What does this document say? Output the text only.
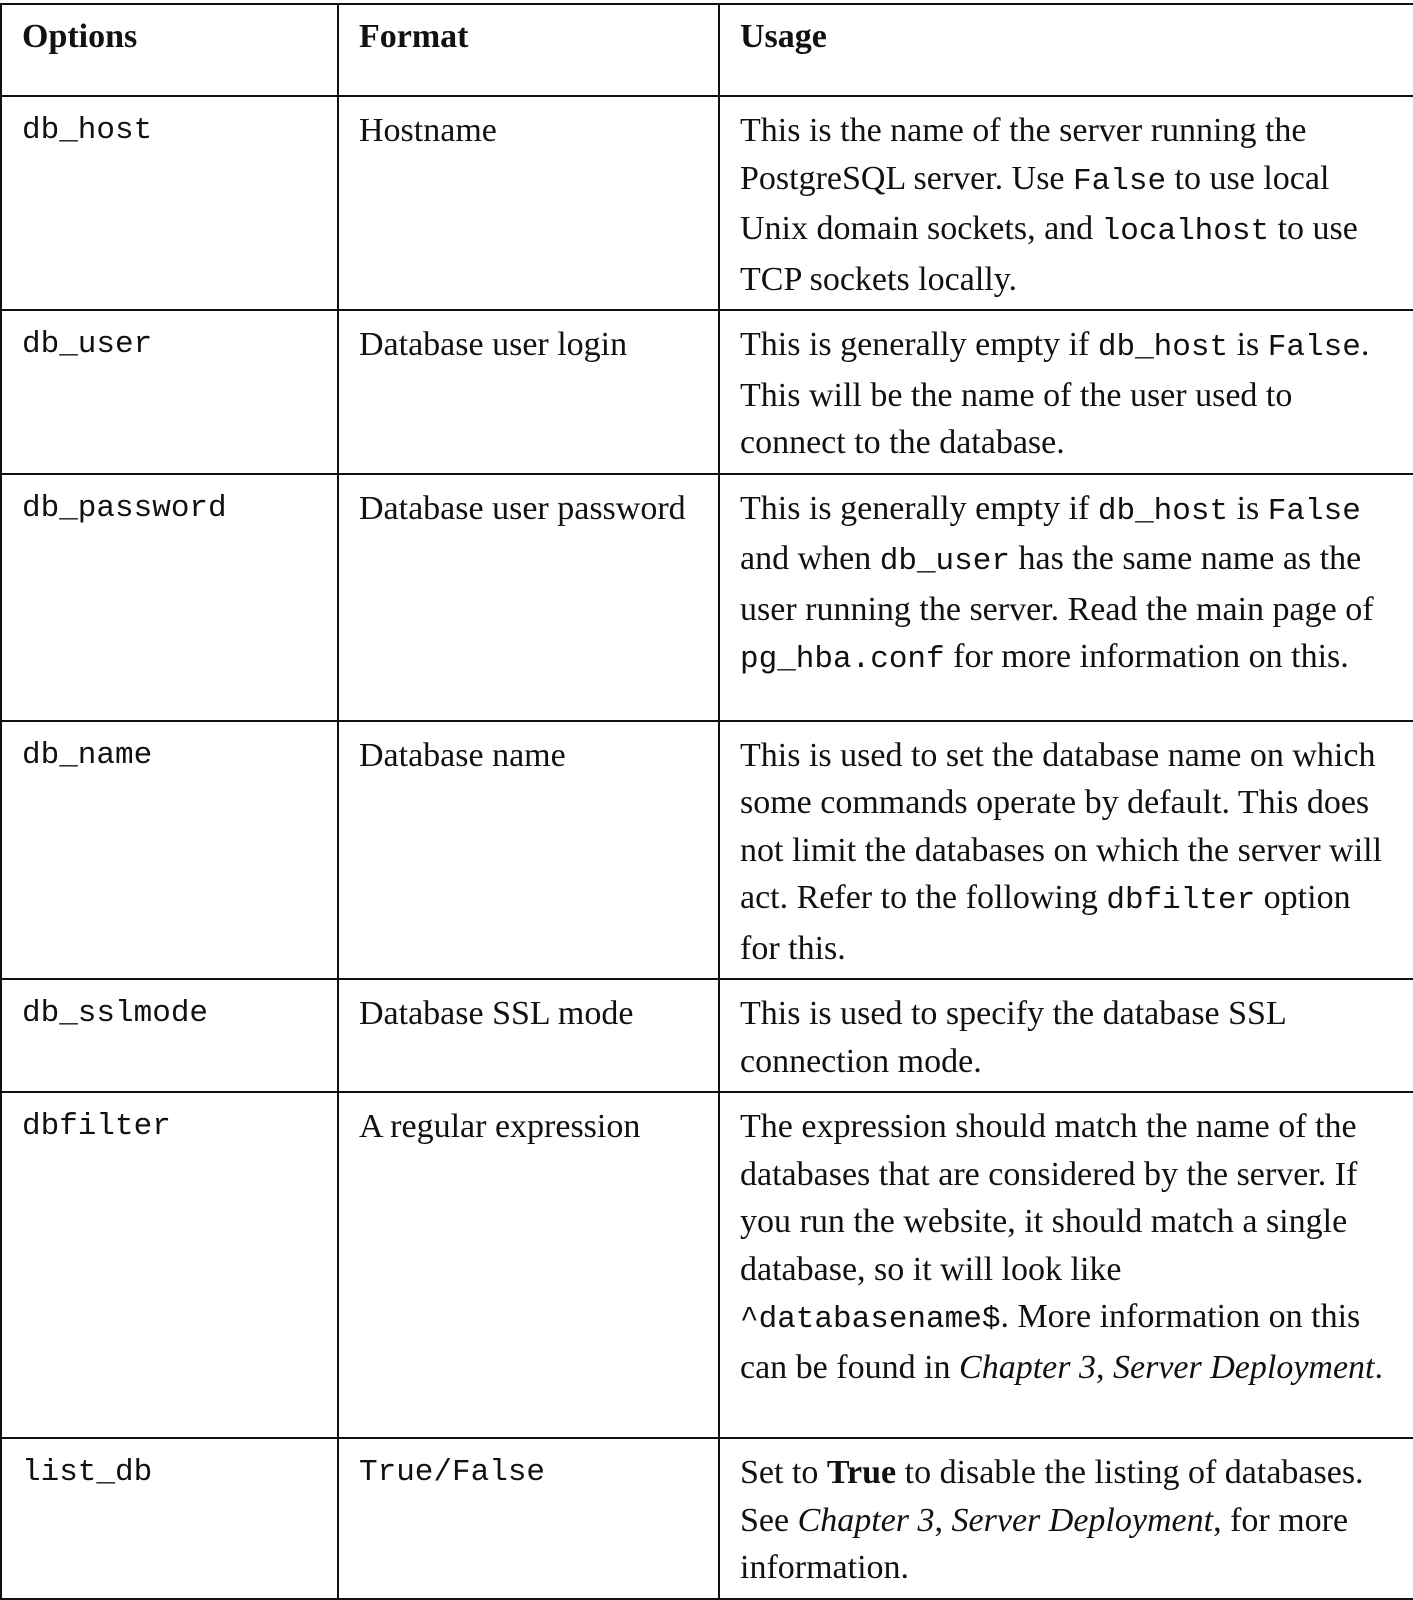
Options	Format	Usage
db_host	Hostname	This is the name of the server running the PostgreSQL server. Use False to use local Unix domain sockets, and localhost to use TCP sockets locally.
db_user	Database user login	This is generally empty if db_host is False. This will be the name of the user used to connect to the database.
db_password	Database user password	This is generally empty if db_host is False and when db_user has the same name as the user running the server. Read the main page of pg_hba.conf for more information on this.
db_name	Database name	This is used to set the database name on which some commands operate by default. This does not limit the databases on which the server will act. Refer to the following dbfilter option for this.
db_sslmode	Database SSL mode	This is used to specify the database SSL connection mode.
dbfilter	A regular expression	The expression should match the name of the databases that are considered by the server. If you run the website, it should match a single database, so it will look like ^databasename$. More information on this can be found in Chapter 3, Server Deployment.
list_db	True/False	Set to True to disable the listing of databases. See Chapter 3, Server Deployment, for more information.
